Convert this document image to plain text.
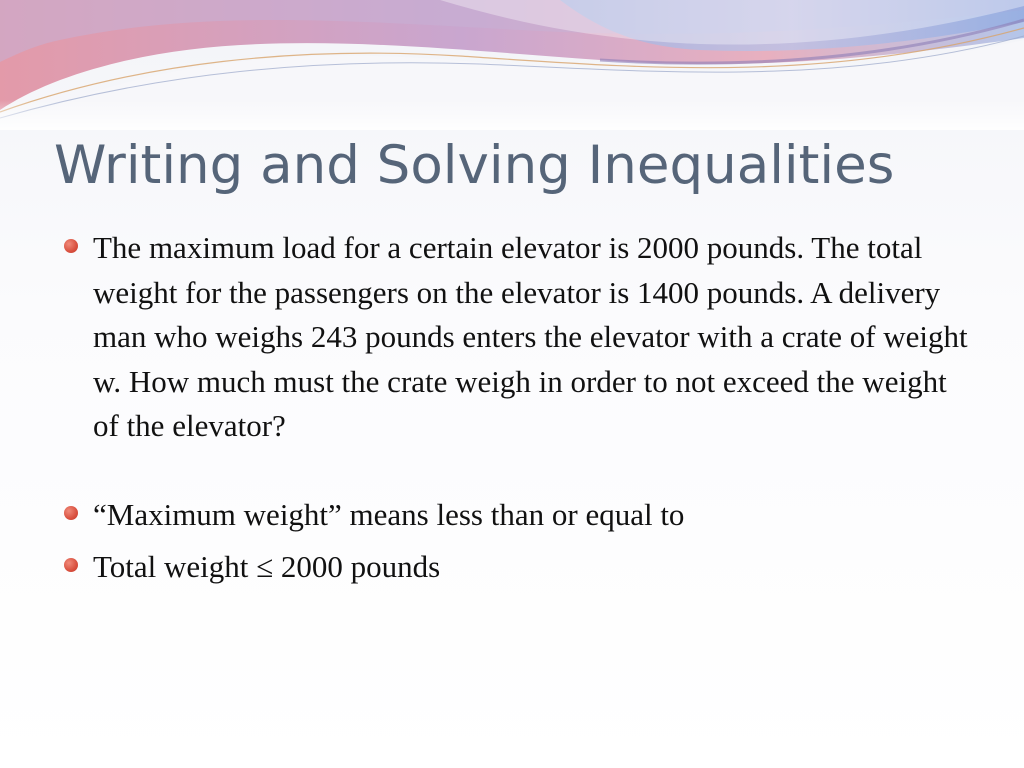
Writing and Solving Inequalities
The maximum load for a certain elevator is 2000 pounds. The total weight for the passengers on the elevator is 1400 pounds. A delivery man who weighs 243 pounds enters the elevator with a crate of weight w. How much must the crate weigh in order to not exceed the weight of the elevator?
“Maximum weight” means less than or equal to
Total weight ≤ 2000 pounds
